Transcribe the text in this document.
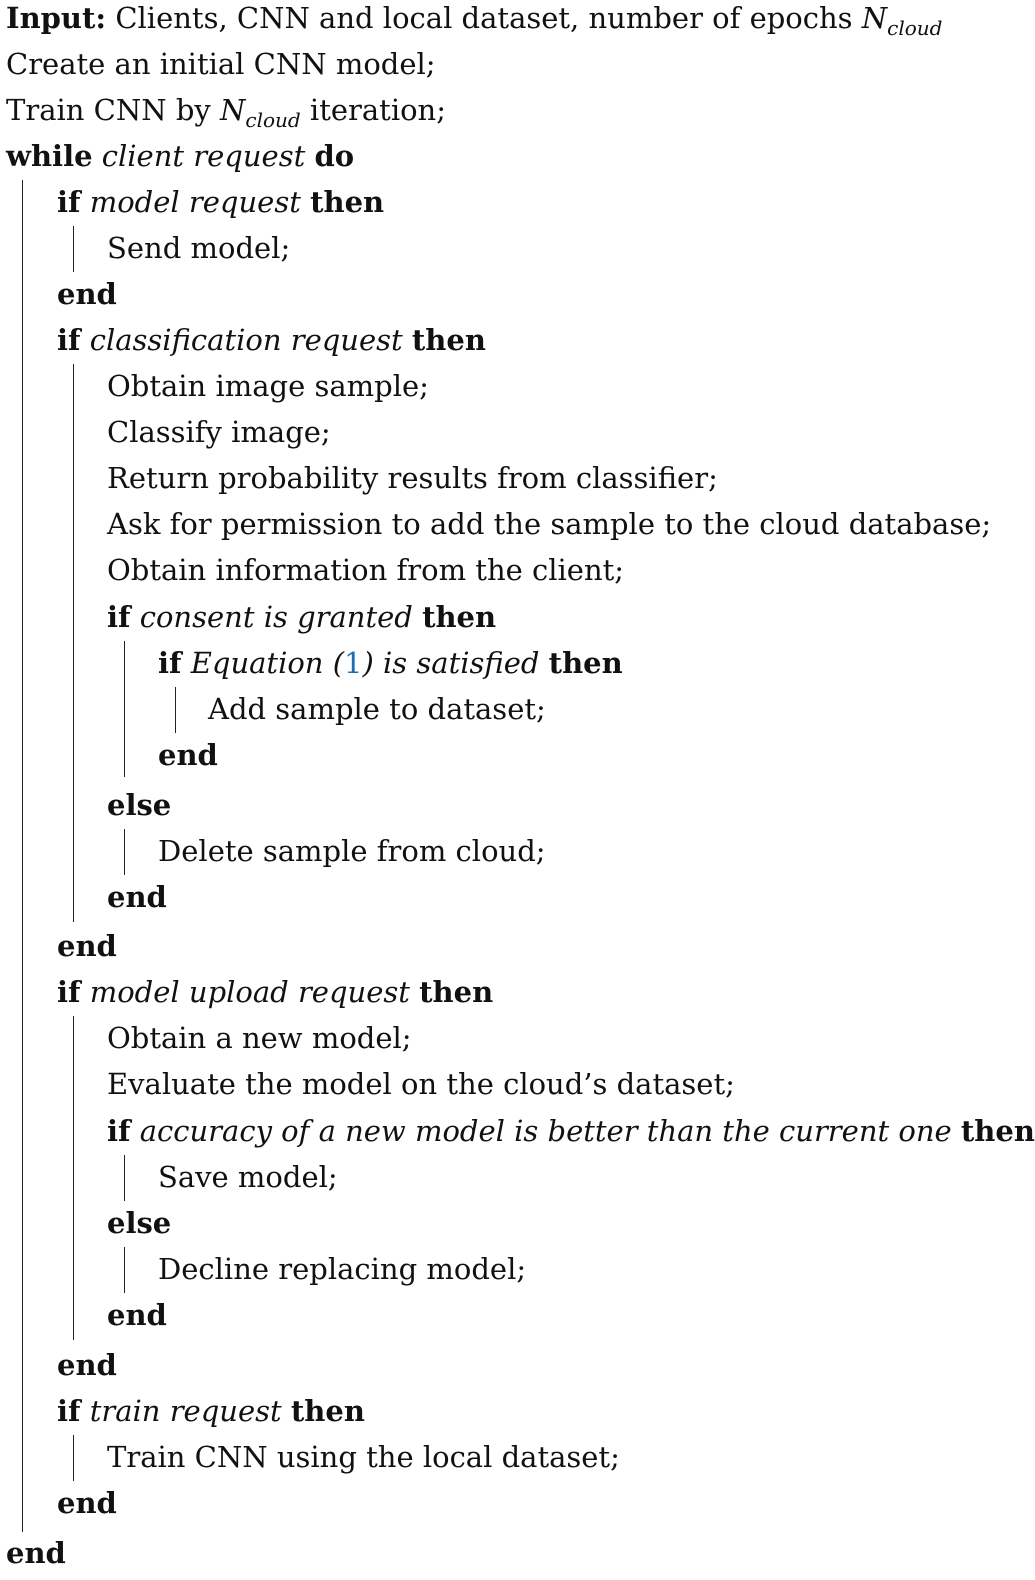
Input: Clients, CNN and local dataset, number of epochs $N_{cloud}$
Create an initial CNN model;
Train CNN by $N_{cloud}$ iteration;
while client request do
if model request then
Send model;
end
if classification request then
Obtain image sample;
Classify image;
Return probability results from classifier;
Ask for permission to add the sample to the cloud database;
Obtain information from the client;
if consent is granted then
if Equation (1) is satisfied then
Add sample to dataset;
end
else
Delete sample from cloud;
end
end
if model upload request then
Obtain a new model;
Evaluate the model on the cloud’s dataset;
if accuracy of a new model is better than the current one then
Save model;
else
Decline replacing model;
end
end
if train request then
Train CNN using the local dataset;
end
end
